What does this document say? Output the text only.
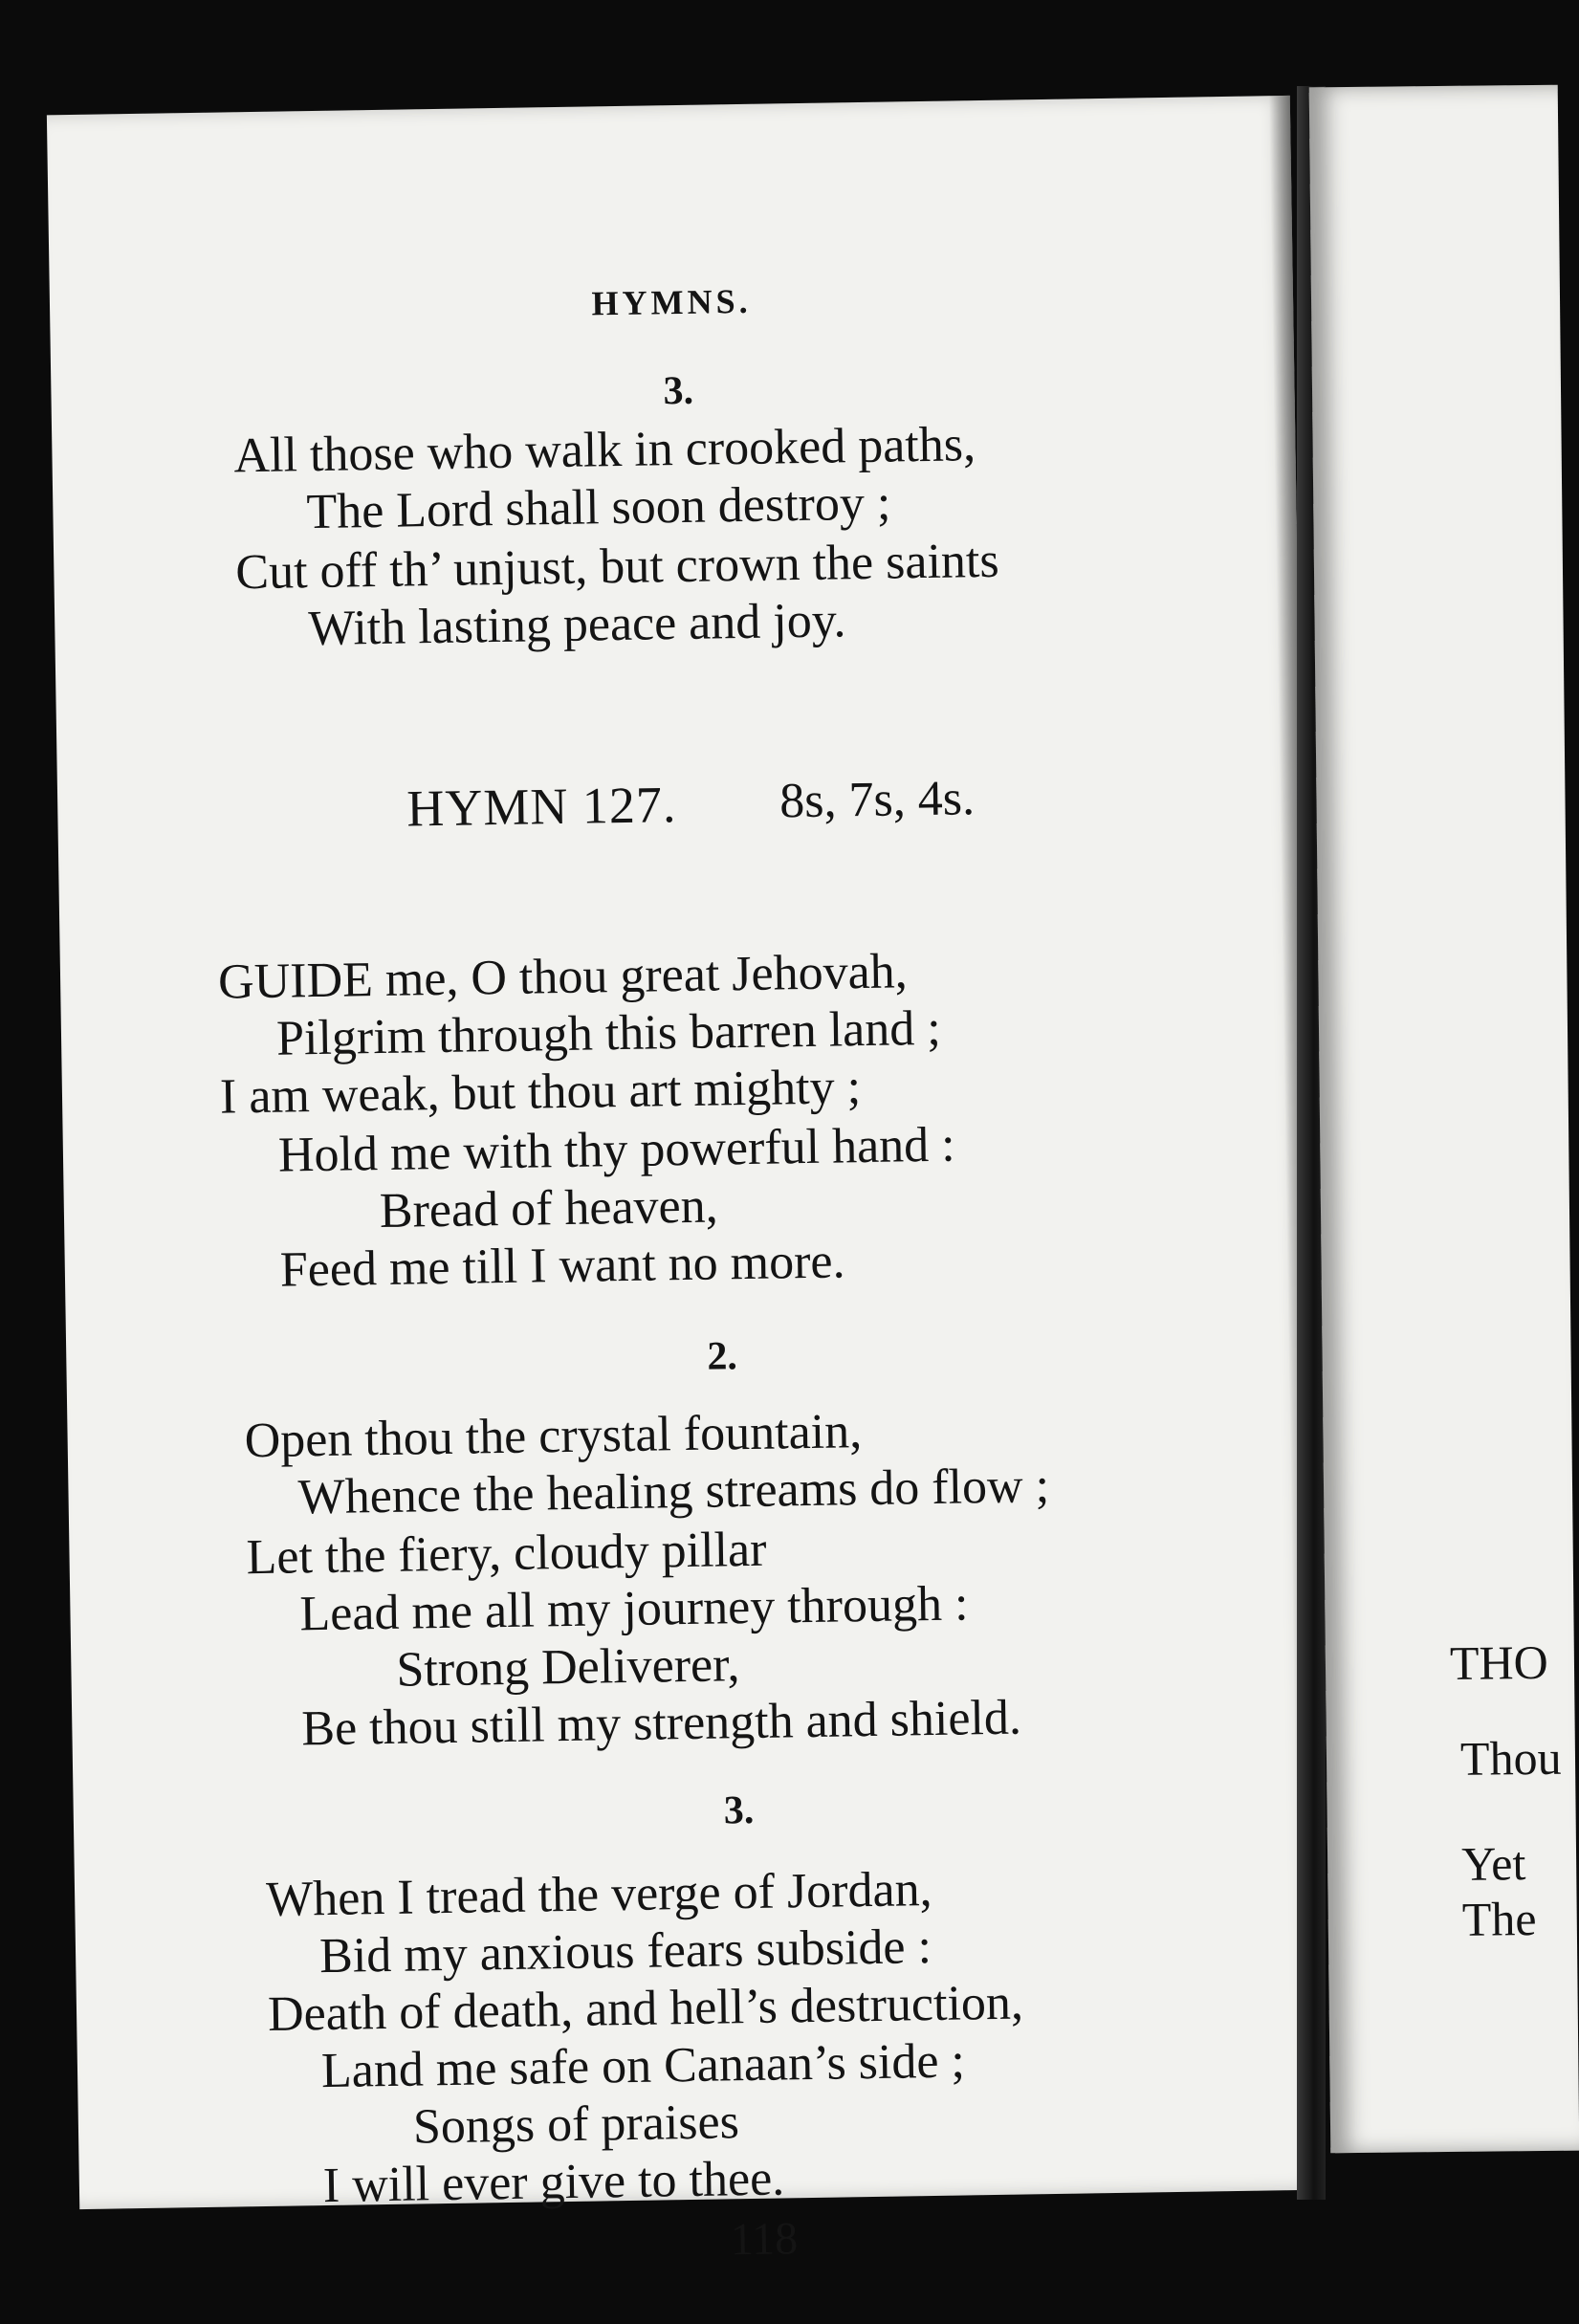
HYMNS.
3.
All those who walk in crooked paths,
The Lord shall soon destroy ;
Cut off th’ unjust, but crown the saints
With lasting peace and joy.
HYMN 127. 8s, 7s, 4s.
GUIDE me, O thou great Jehovah,
Pilgrim through this barren land ;
I am weak, but thou art mighty ;
Hold me with thy powerful hand :
Bread of heaven,
Feed me till I want no more.
2.
Open thou the crystal fountain,
Whence the healing streams do flow ;
Let the fiery, cloudy pillar
Lead me all my journey through :
Strong Deliverer,
Be thou still my strength and shield.
3.
When I tread the verge of Jordan,
Bid my anxious fears subside :
Death of death, and hell’s destruction,
Land me safe on Canaan’s side ;
Songs of praises
I will ever give to thee.
118
THO
Thou
Yet
The
